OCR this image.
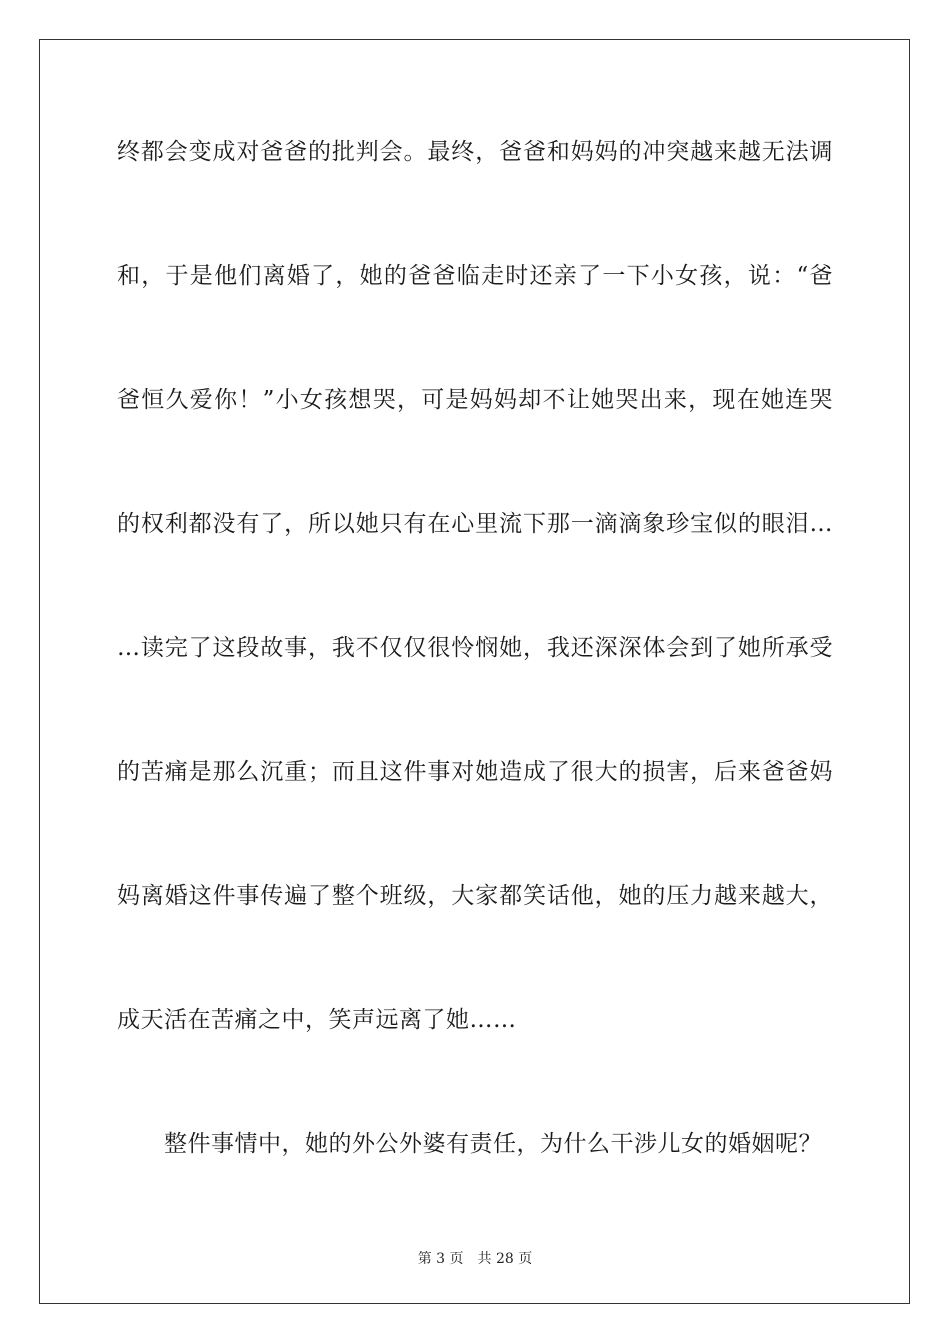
终都会变成对爸爸的批判会。最终，爸爸和妈妈的冲突越来越无法调
和，于是他们离婚了，她的爸爸临走时还亲了一下小女孩，说：“爸
爸恒久爱你！”小女孩想哭，可是妈妈却不让她哭出来，现在她连哭
的权利都没有了，所以她只有在心里流下那一滴滴象珍宝似的眼泪…
…读完了这段故事，我不仅仅很怜悯她，我还深深体会到了她所承受
的苦痛是那么沉重；而且这件事对她造成了很大的损害，后来爸爸妈
妈离婚这件事传遍了整个班级，大家都笑话他，她的压力越来越大，
成天活在苦痛之中，笑声远离了她……
整件事情中，她的外公外婆有责任，为什么干涉儿女的婚姻呢？
第 3 页 共 28 页
